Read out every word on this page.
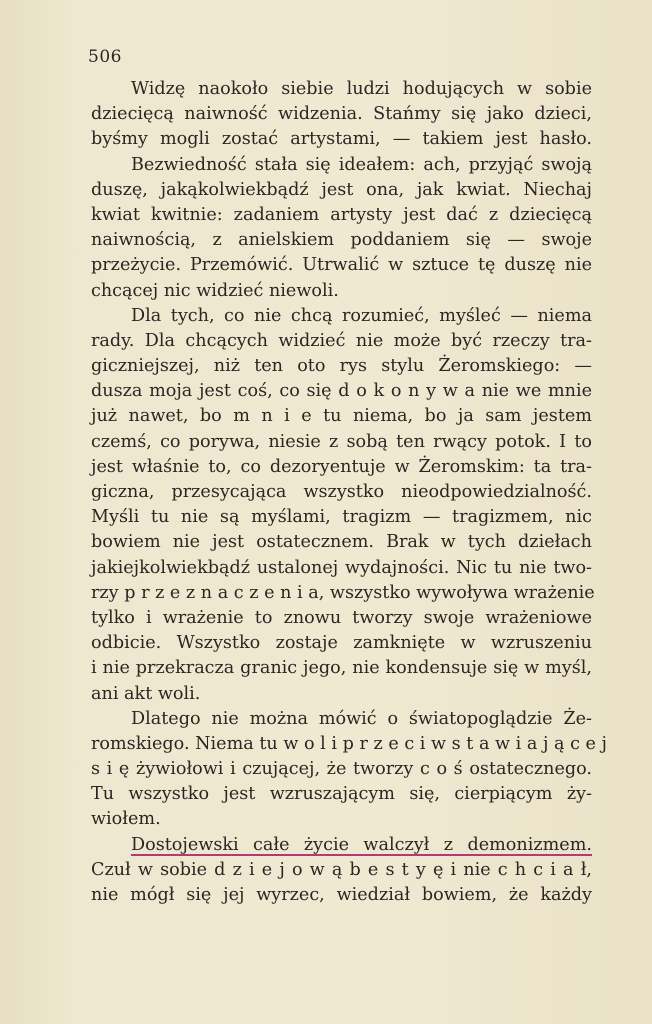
506
Widzę naokoło siebie ludzi hodujących w sobie
dziecięcą naiwność widzenia. Stańmy się jako dzieci,
byśmy mogli zostać artystami, — takiem jest hasło.
Bezwiedność stała się ideałem: ach, przyjąć swoją
duszę, jakąkolwiekbądź jest ona, jak kwiat. Niechaj
kwiat kwitnie: zadaniem artysty jest dać z dziecięcą
naiwnością, z anielskiem poddaniem się — swoje
przeżycie. Przemówić. Utrwalić w sztuce tę duszę nie
chcącej nic widzieć niewoli.
Dla tych, co nie chcą rozumieć, myśleć — niema
rady. Dla chcących widzieć nie może być rzeczy tra-
giczniejszej, niż ten oto rys stylu Żeromskiego: —
dusza moja jest coś, co się d o k o n y w a nie we mnie
już nawet, bo m n i e tu niema, bo ja sam jestem
czemś, co porywa, niesie z sobą ten rwący potok. I to
jest właśnie to, co dezoryentuje w Żeromskim: ta tra-
giczna, przesycająca wszystko nieodpowiedzialność.
Myśli tu nie są myślami, tragizm — tragizmem, nic
bowiem nie jest ostatecznem. Brak w tych dziełach
jakiejkolwiekbądź ustalonej wydajności. Nic tu nie two-
rzy p r z e z n a c z e n i a, wszystko wywoływa wrażenie
tylko i wrażenie to znowu tworzy swoje wrażeniowe
odbicie. Wszystko zostaje zamknięte w wzruszeniu
i nie przekracza granic jego, nie kondensuje się w myśl,
ani akt woli.
Dlatego nie można mówić o światopoglądzie Że-
romskiego. Niema tu w o l i p r z e c i w s t a w i a j ą c e j
s i ę żywiołowi i czującej, że tworzy c o ś ostatecznego.
Tu wszystko jest wzruszającym się, cierpiącym ży-
wiołem.
Dostojewski całe życie walczył z demonizmem.
Czuł w sobie d z i e j o w ą b e s t y ę i nie c h c i a ł,
nie mógł się jej wyrzec, wiedział bowiem, że każdy
